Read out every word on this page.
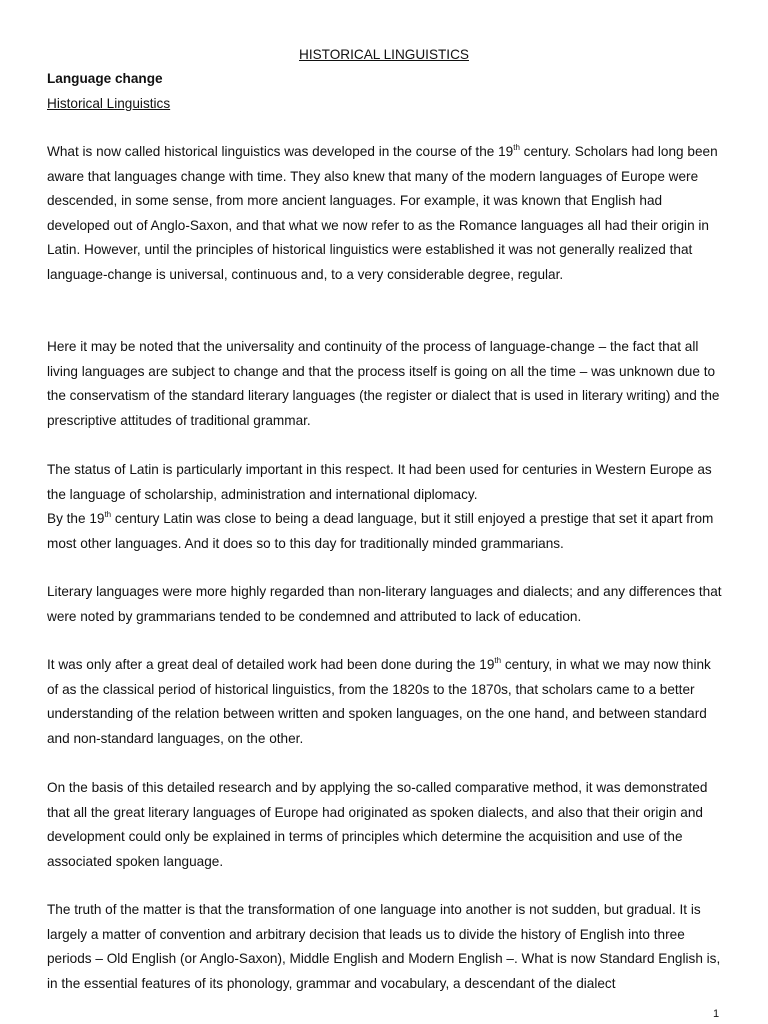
HISTORICAL LINGUISTICS
Language change
Historical Linguistics

What is now called historical linguistics was developed in the course of the 19th century. Scholars had long been aware that languages change with time. They also knew that many of the modern languages of Europe were descended, in some sense, from more ancient languages. For example, it was known that English had developed out of Anglo-Saxon, and that what we now refer to as the Romance languages all had their origin in Latin. However, until the principles of historical linguistics were established it was not generally realized that language-change is universal, continuous and, to a very considerable degree, regular.

Here it may be noted that the universality and continuity of the process of language-change – the fact that all living languages are subject to change and that the process itself is going on all the time – was unknown due to the conservatism of the standard literary languages (the register or dialect that is used in literary writing) and the prescriptive attitudes of traditional grammar.

The status of Latin is particularly important in this respect. It had been used for centuries in Western Europe as the language of scholarship, administration and international diplomacy.
By the 19th century Latin was close to being a dead language, but it still enjoyed a prestige that set it apart from most other languages. And it does so to this day for traditionally minded grammarians.

Literary languages were more highly regarded than non-literary languages and dialects; and any differences that were noted by grammarians tended to be condemned and attributed to lack of education.

It was only after a great deal of detailed work had been done during the 19th century, in what we may now think of as the classical period of historical linguistics, from the 1820s to the 1870s, that scholars came to a better understanding of the relation between written and spoken languages, on the one hand, and between standard and non-standard languages, on the other.

On the basis of this detailed research and by applying the so-called comparative method, it was demonstrated that all the great literary languages of Europe had originated as spoken dialects, and also that their origin and development could only be explained in terms of principles which determine the acquisition and use of the associated spoken language.

The truth of the matter is that the transformation of one language into another is not sudden, but gradual. It is largely a matter of convention and arbitrary decision that leads us to divide the history of English into three periods – Old English (or Anglo-Saxon), Middle English and Modern English –. What is now Standard English is, in the essential features of its phonology, grammar and vocabulary, a descendant of the dialect

1
